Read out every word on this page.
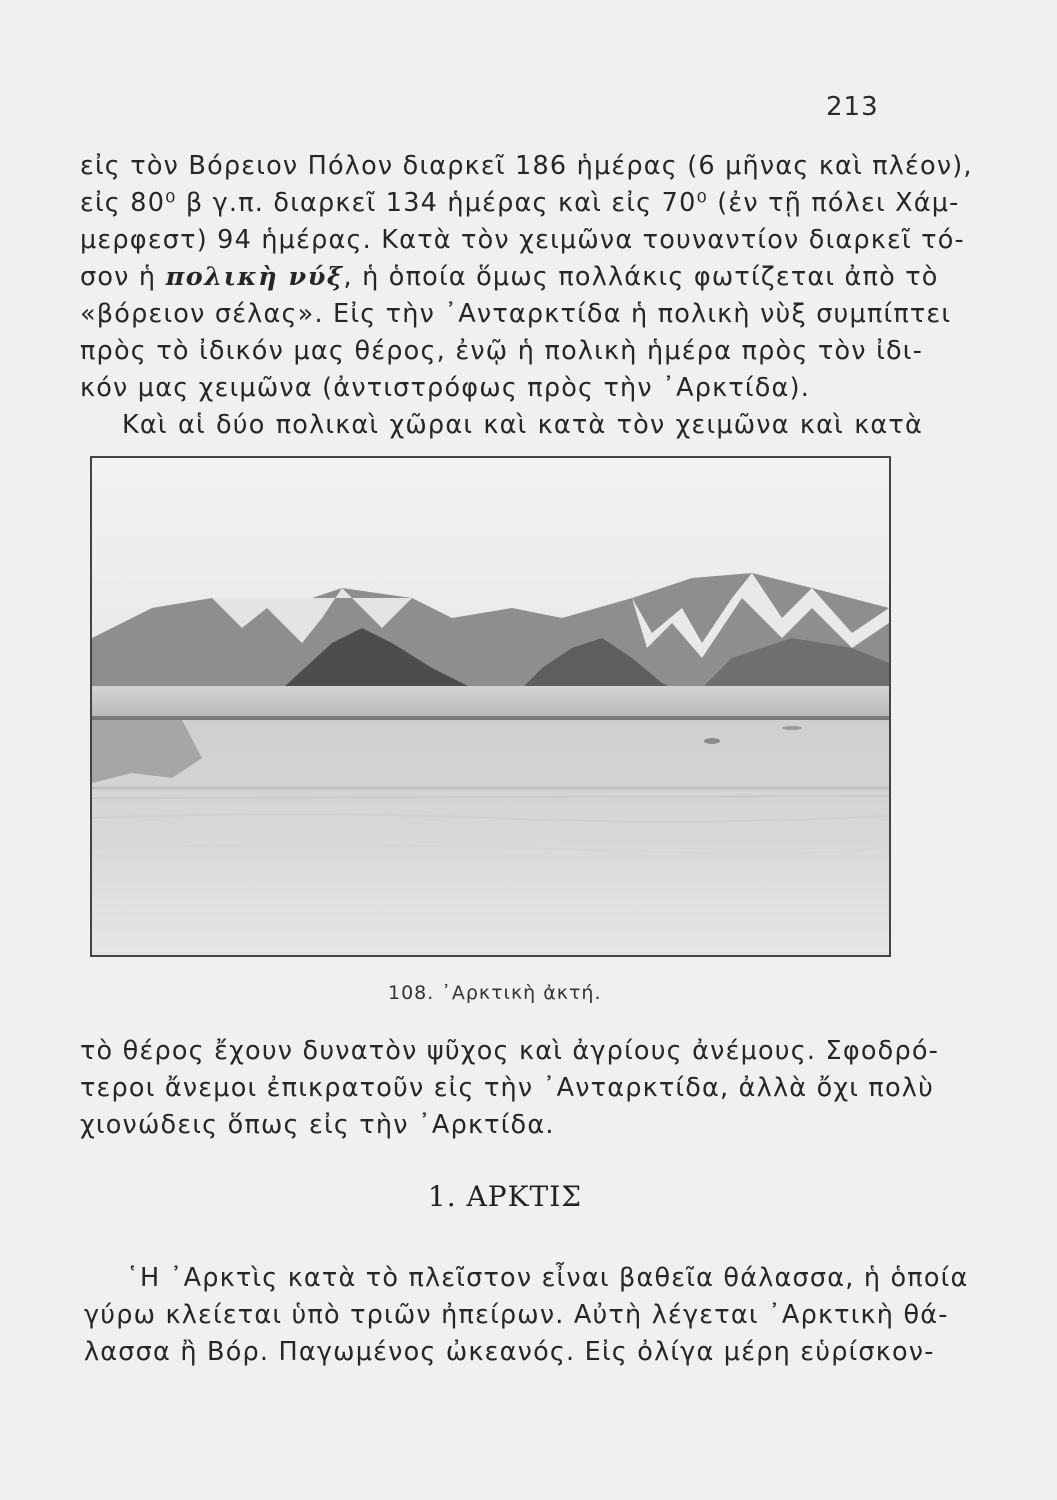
213
εἰς τὸν Βόρειον Πόλον διαρκεῖ 186 ἡμέρας (6 μῆνας καὶ πλέον),
εἰς 80⁰ β γ.π. διαρκεῖ 134 ἡμέρας καὶ εἰς 70⁰ (ἐν τῇ πόλει Χάμ-
μερφεστ) 94 ἡμέρας. Κατὰ τὸν χειμῶνα τουναντίον διαρκεῖ τό-
σον ἡ πολικὴ νύξ, ἡ ὁποία ὅμως πολλάκις φωτίζεται ἀπὸ τὸ
«βόρειον σέλας». Εἰς τὴν ᾿Ανταρκτίδα ἡ πολικὴ νὺξ συμπίπτει
πρὸς τὸ ἰδικόν μας θέρος, ἐνῷ ἡ πολικὴ ἡμέρα πρὸς τὸν ἰδι-
κόν μας χειμῶνα (ἀντιστρόφως πρὸς τὴν ᾿Αρκτίδα).
Καὶ αἱ δύο πολικαὶ χῶραι καὶ κατὰ τὸν χειμῶνα καὶ κατὰ
108. ᾿Αρκτικὴ ἀκτή.
τὸ θέρος ἔχουν δυνατὸν ψῦχος καὶ ἀγρίους ἀνέμους. Σφοδρό-
τεροι ἄνεμοι ἐπικρατοῦν εἰς τὴν ᾿Ανταρκτίδα, ἀλλὰ ὄχι πολὺ
χιονώδεις ὅπως εἰς τὴν ᾿Αρκτίδα.
1. ΑΡΚΤΙΣ
῾Η ᾿Αρκτὶς κατὰ τὸ πλεῖστον εἶναι βαθεῖα θάλασσα, ἡ ὁποία
γύρω κλείεται ὑπὸ τριῶν ἠπείρων. Αὐτὴ λέγεται ᾿Αρκτικὴ θά-
λασσα ἢ Βόρ. Παγωμένος ὠκεανός. Εἰς ὀλίγα μέρη εὑρίσκον-
